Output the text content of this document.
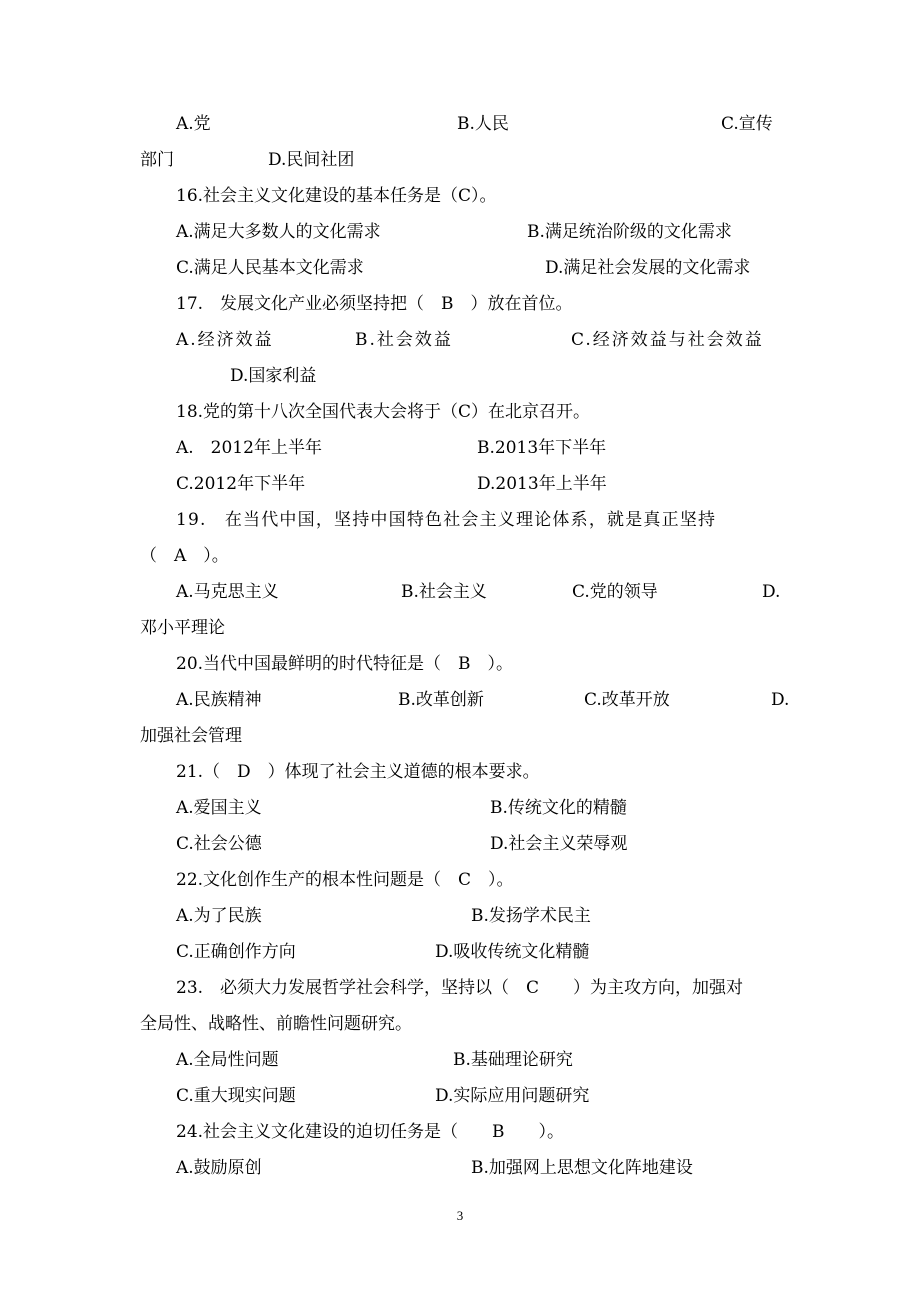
A.党	B.人民	C.宣传
部门	D.民间社团
16.社会主义文化建设的基本任务是（C）。
A.满足大多数人的文化需求	B.满足统治阶级的文化需求
C.满足人民基本文化需求	D.满足社会发展的文化需求
17.　发展文化产业必须坚持把（　B　）放在首位。
A.经济效益	B.社会效益	C.经济效益与社会效益
D.国家利益
18.党的第十八次全国代表大会将于（C）在北京召开。
A.　2012年上半年	B.2013年下半年
C.2012年下半年	D.2013年上半年
19.　在当代中国，坚持中国特色社会主义理论体系，就是真正坚持
（　A　）。
A.马克思主义	B.社会主义	C.党的领导	D.
邓小平理论
20.当代中国最鲜明的时代特征是（　B　）。
A.民族精神	B.改革创新	C.改革开放	D.
加强社会管理
21.（　D　）体现了社会主义道德的根本要求。
A.爱国主义	B.传统文化的精髓
C.社会公德	D.社会主义荣辱观
22.文化创作生产的根本性问题是（　C　）。
A.为了民族	B.发扬学术民主
C.正确创作方向	D.吸收传统文化精髓
23.　必须大力发展哲学社会科学，坚持以（　C　　）为主攻方向，加强对
全局性、战略性、前瞻性问题研究。
A.全局性问题	B.基础理论研究
C.重大现实问题	D.实际应用问题研究
24.社会主义文化建设的迫切任务是（　　B　　）。
A.鼓励原创	B.加强网上思想文化阵地建设
3
